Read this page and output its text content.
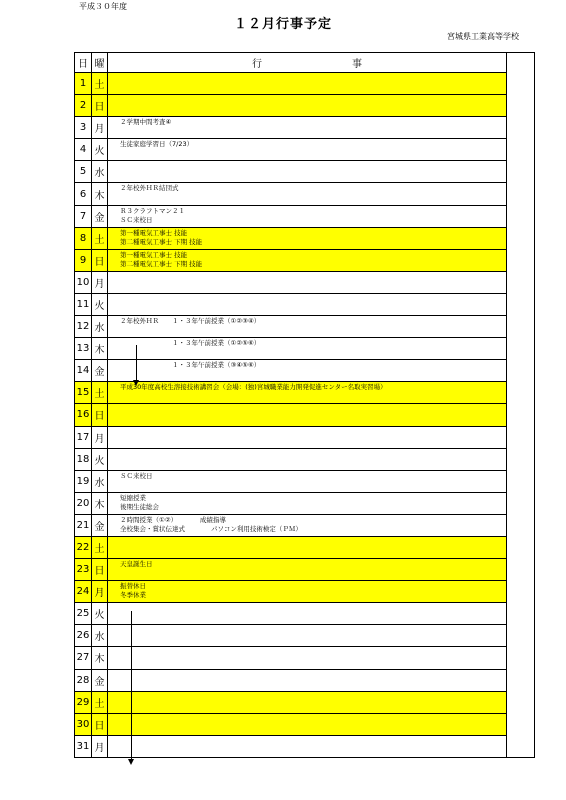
平成３０年度
１２月行事予定
宮城県工業高等学校
日	曜	行　　　　　　　　　事	
1	土		
2	日		
3	月	２学期中間考査④	

4	火	生徒家庭学習日（7/23）	

5	水		
6	木	２年校外ＨＲ結団式	

7	金	Ｒ３クラフトマン２１
ＳＣ来校日	

8	土	第一種電気工事士 技能
第二種電気工事士 下期 技能	

9	日	第一種電気工事士 技能
第二種電気工事士 下期 技能	

10	月		
11	火		
12	水	２年校外ＨＲ　　１・３年午前授業（①②③④）	

13	木	　　　　　　　　１・３年午前授業（①②⑤⑥）	

14	金	　　　　　　　　１・３年午前授業（③④⑤⑥）	

15	土	平成30年度高校生溶接技術講習会（会場：(独)宮城職業能力開発促進センター名取実習場）	

16	日		
17	月		
18	火		
19	水	ＳＣ来校日	

20	木	短縮授業
後期生徒総会	

21	金	２時間授業（①②）　　　　成績指導
全校集会・賞状伝達式　　　　パソコン利用技術検定（ＰＭ）	

22	土		
23	日	天皇誕生日	

24	月	振替休日
冬季休業	

25	火		
26	水		
27	木		
28	金		
29	土		
30	日		
31	月		
